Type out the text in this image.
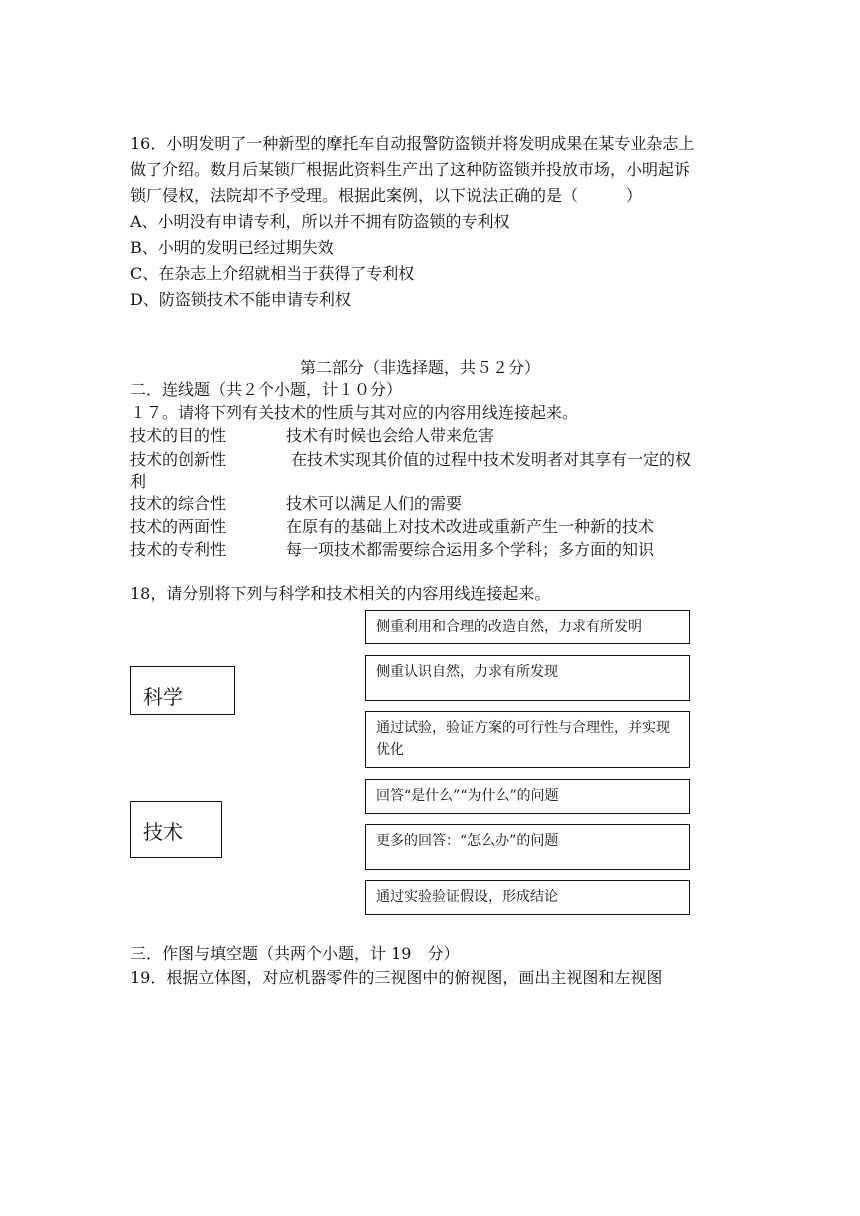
16．小明发明了一种新型的摩托车自动报警防盗锁并将发明成果在某专业杂志上
做了介绍。数月后某锁厂根据此资料生产出了这种防盗锁并投放市场，小明起诉
锁厂侵权，法院却不予受理。根据此案例，以下说法正确的是（　　　）
A、小明没有申请专利，所以并不拥有防盗锁的专利权
B、小明的发明已经过期失效
C、在杂志上介绍就相当于获得了专利权
D、防盗锁技术不能申请专利权
第二部分（非选择题，共５２分）
二．连线题（共２个小题，计１０分）
１７。请将下列有关技术的性质与其对应的内容用线连接起来。
技术的目的性	技术有时候也会给人带来危害
技术的创新性	在技术实现其价值的过程中技术发明者对其享有一定的权
利
技术的综合性	技术可以满足人们的需要
技术的两面性	在原有的基础上对技术改进或重新产生一种新的技术
技术的专利性	每一项技术都需要综合运用多个学科；多方面的知识
18，请分别将下列与科学和技术相关的内容用线连接起来。
科学
技术
侧重利用和合理的改造自然，力求有所发明
侧重认识自然，力求有所发现
通过试验，验证方案的可行性与合理性，并实现优化
回答“是什么”“为什么”的问题
更多的回答：“怎么办”的问题
通过实验验证假设，形成结论
三．作图与填空题（共两个小题，计 19　分）
19．根据立体图，对应机器零件的三视图中的俯视图，画出主视图和左视图
